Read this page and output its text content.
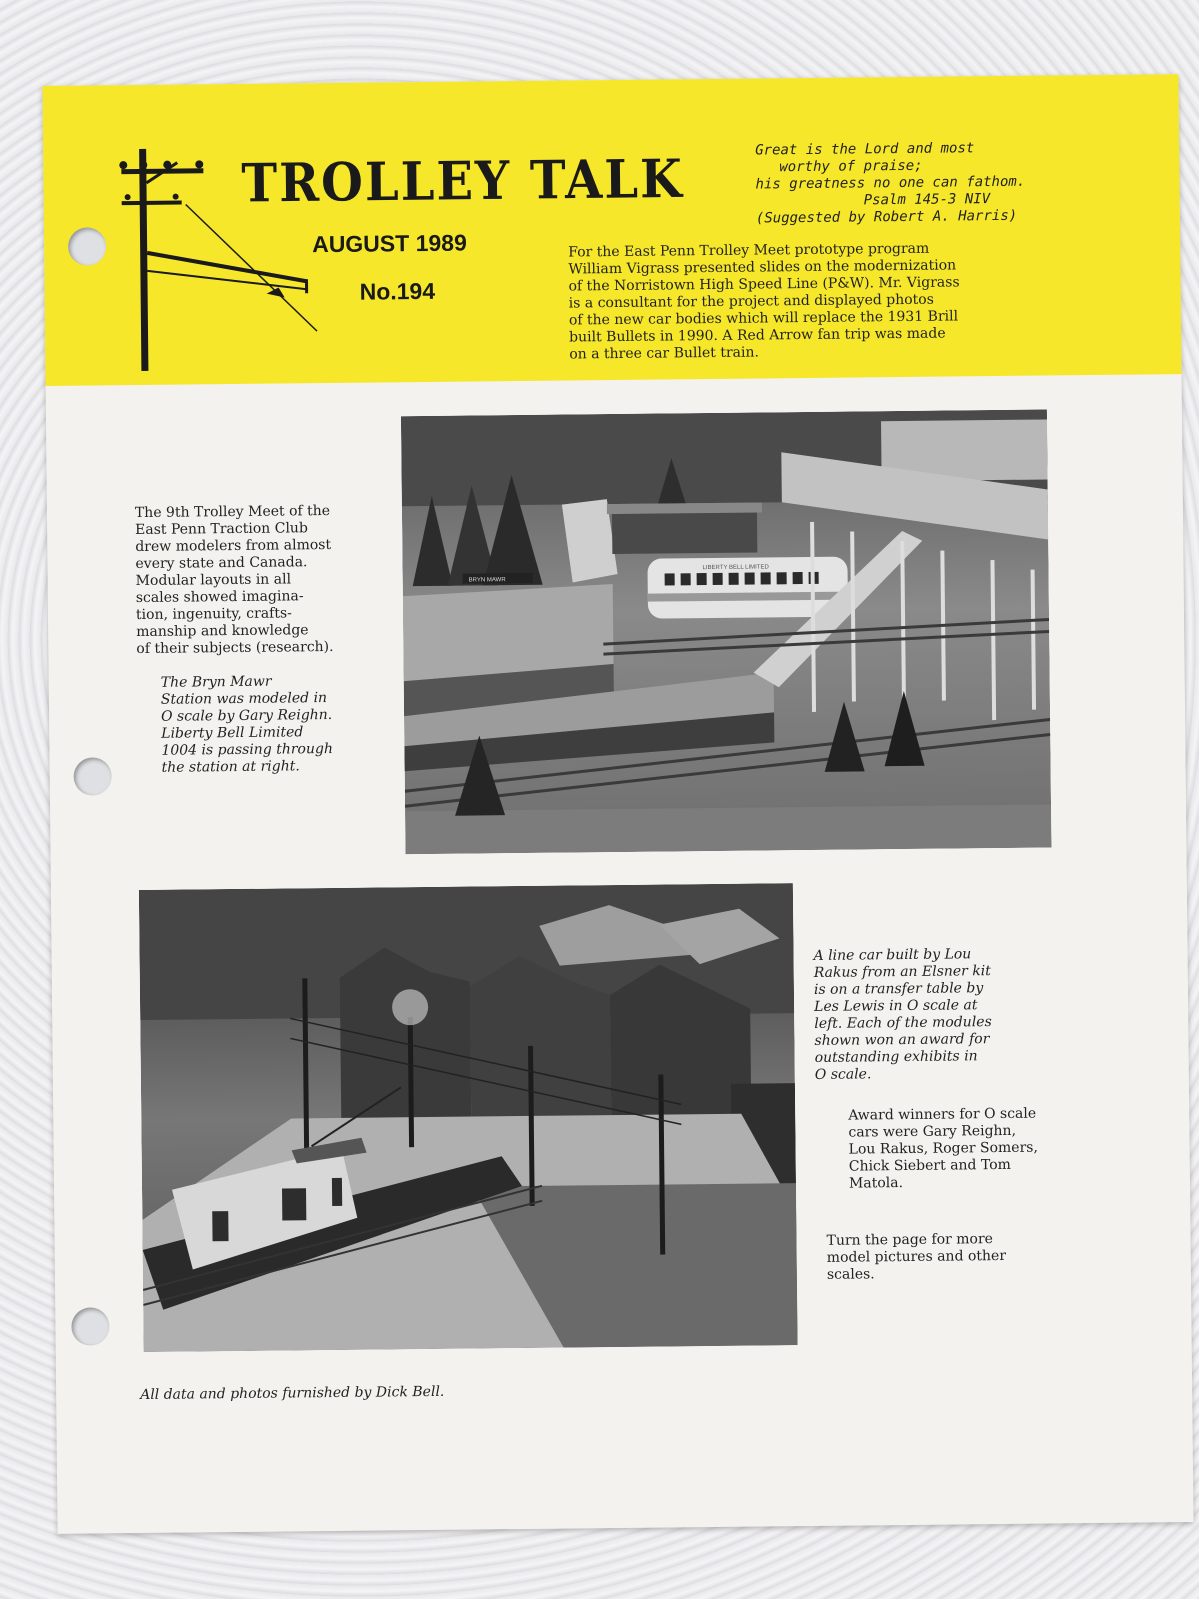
TROLLEY TALK
AUGUST 1989
No.194
Great is the Lord and most
worthy of praise;
his greatness no one can fathom.
Psalm 145-3 NIV
(Suggested by Robert A. Harris)
For the East Penn Trolley Meet prototype program
William Vigrass presented slides on the modernization
of the Norristown High Speed Line (P&W). Mr. Vigrass
is a consultant for the project and displayed photos
of the new car bodies which will replace the 1931 Brill
built Bullets in 1990. A Red Arrow fan trip was made
on a three car Bullet train.
The 9th Trolley Meet of the
East Penn Traction Club
drew modelers from almost
every state and Canada.
Modular layouts in all
scales showed imagina-
tion, ingenuity, crafts-
manship and knowledge
of their subjects (research).
The Bryn Mawr
Station was modeled in
O scale by Gary Reighn.
Liberty Bell Limited
1004 is passing through
the station at right.
BRYN MAWR
LIBERTY BELL LIMITED
A line car built by Lou
Rakus from an Elsner kit
is on a transfer table by
Les Lewis in O scale at
left. Each of the modules
shown won an award for
outstanding exhibits in
O scale.
Award winners for O scale
cars were Gary Reighn,
Lou Rakus, Roger Somers,
Chick Siebert and Tom
Matola.
Turn the page for more
model pictures and other
scales.
All data and photos furnished by Dick Bell.
